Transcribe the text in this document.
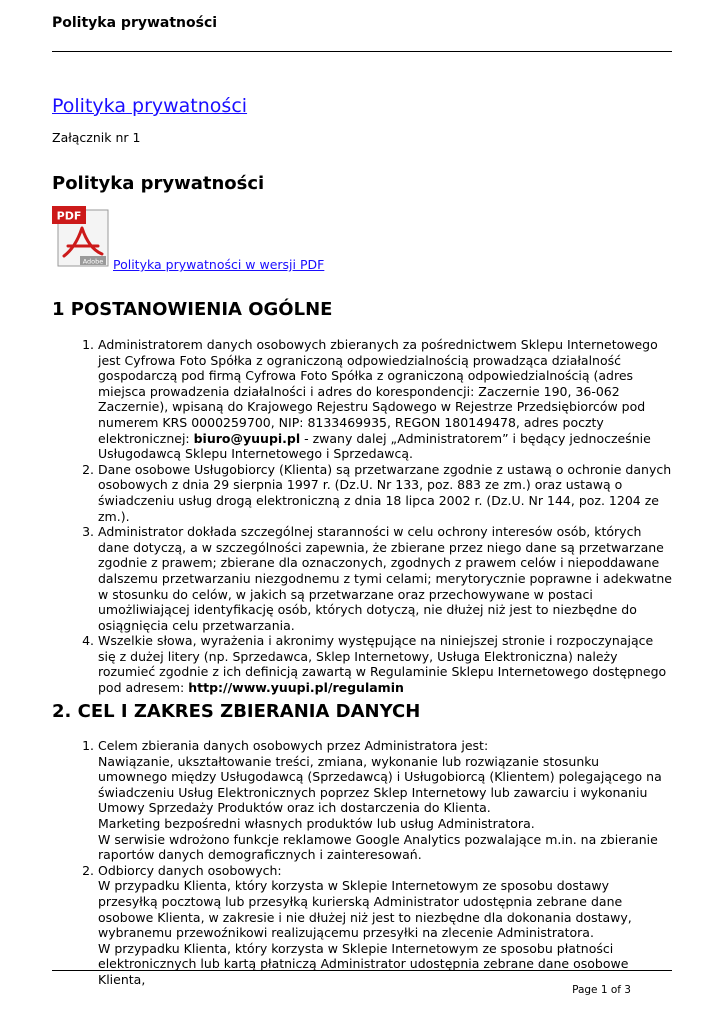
Polityka prywatności
Polityka prywatności
Załącznik nr 1
Polityka prywatności
PDF
Adobe Polityka prywatności w wersji PDF
1 POSTANOWIENIA OGÓLNE
1. Administratorem danych osobowych zbieranych za pośrednictwem Sklepu Internetowego jest Cyfrowa Foto Spółka z ograniczoną odpowiedzialnością prowadząca działalność gospodarczą pod firmą Cyfrowa Foto Spółka z ograniczoną odpowiedzialnością (adres miejsca prowadzenia działalności i adres do korespondencji: Zaczernie 190, 36-062 Zaczernie), wpisaną do Krajowego Rejestru Sądowego w Rejestrze Przedsiębiorców pod numerem KRS 0000259700, NIP: 8133469935, REGON 180149478, adres poczty elektronicznej: biuro@yuupi.pl - zwany dalej „Administratorem” i będący jednocześnie Usługodawcą Sklepu Internetowego i Sprzedawcą.
2. Dane osobowe Usługobiorcy (Klienta) są przetwarzane zgodnie z ustawą o ochronie danych osobowych z dnia 29 sierpnia 1997 r. (Dz.U. Nr 133, poz. 883 ze zm.) oraz ustawą o świadczeniu usług drogą elektroniczną z dnia 18 lipca 2002 r. (Dz.U. Nr 144, poz. 1204 ze zm.).
3. Administrator dokłada szczególnej staranności w celu ochrony interesów osób, których dane dotyczą, a w szczególności zapewnia, że zbierane przez niego dane są przetwarzane zgodnie z prawem; zbierane dla oznaczonych, zgodnych z prawem celów i niepoddawane dalszemu przetwarzaniu niezgodnemu z tymi celami; merytorycznie poprawne i adekwatne w stosunku do celów, w jakich są przetwarzane oraz przechowywane w postaci umożliwiającej identyfikację osób, których dotyczą, nie dłużej niż jest to niezbędne do osiągnięcia celu przetwarzania.
4. Wszelkie słowa, wyrażenia i akronimy występujące na niniejszej stronie i rozpoczynające się z dużej litery (np. Sprzedawca, Sklep Internetowy, Usługa Elektroniczna) należy rozumieć zgodnie z ich definicją zawartą w Regulaminie Sklepu Internetowego dostępnego pod adresem: http://www.yuupi.pl/regulamin
2. CEL I ZAKRES ZBIERANIA DANYCH
1. Celem zbierania danych osobowych przez Administratora jest:
Nawiązanie, ukształtowanie treści, zmiana, wykonanie lub rozwiązanie stosunku umownego między Usługodawcą (Sprzedawcą) i Usługobiorcą (Klientem) polegającego na świadczeniu Usług Elektronicznych poprzez Sklep Internetowy lub zawarciu i wykonaniu Umowy Sprzedaży Produktów oraz ich dostarczenia do Klienta.
Marketing bezpośredni własnych produktów lub usług Administratora.
W serwisie wdrożono funkcje reklamowe Google Analytics pozwalające m.in. na zbieranie raportów danych demograficznych i zainteresowań.
2. Odbiorcy danych osobowych:
W przypadku Klienta, który korzysta w Sklepie Internetowym ze sposobu dostawy przesyłką pocztową lub przesyłką kurierską Administrator udostępnia zebrane dane osobowe Klienta, w zakresie i nie dłużej niż jest to niezbędne dla dokonania dostawy, wybranemu przewoźnikowi realizującemu przesyłki na zlecenie Administratora.
W przypadku Klienta, który korzysta w Sklepie Internetowym ze sposobu płatności elektronicznych lub kartą płatniczą Administrator udostępnia zebrane dane osobowe Klienta,
Page 1 of 3
